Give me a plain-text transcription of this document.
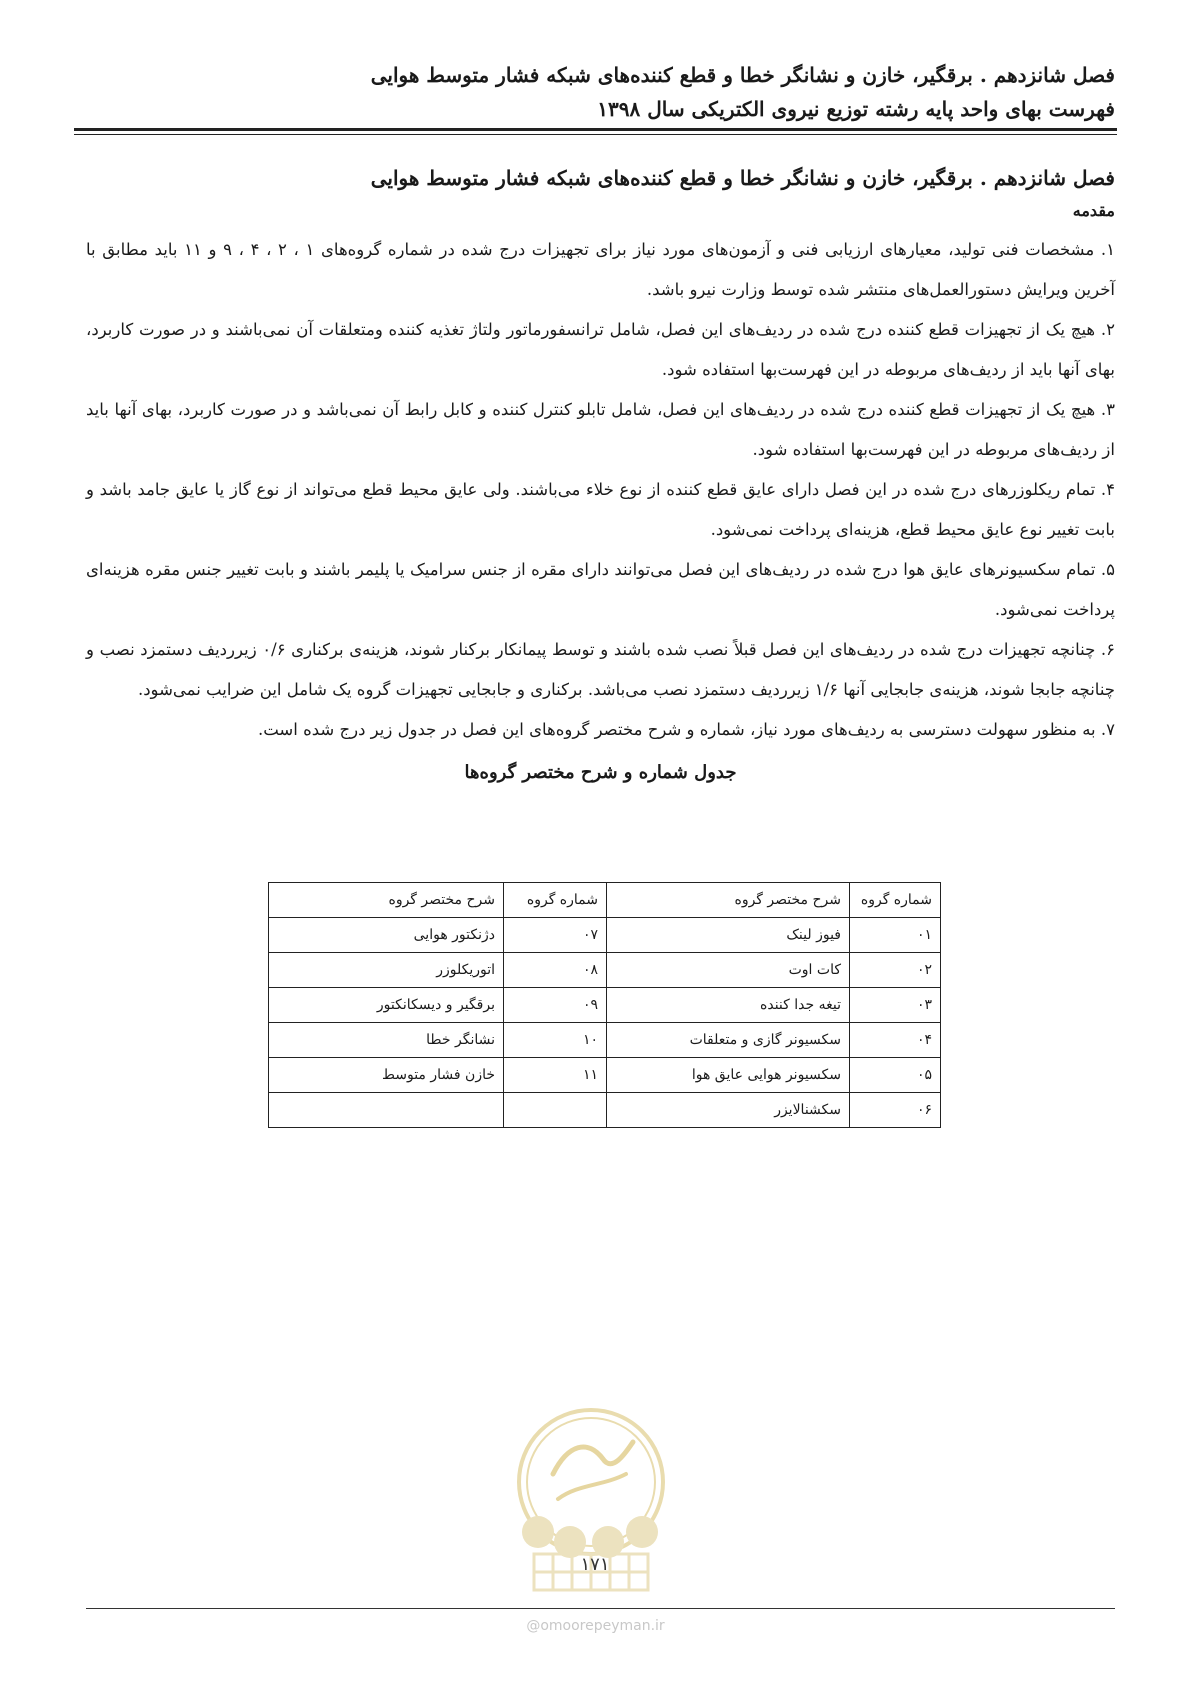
فصل شانزدهم . برقگیر، خازن و نشانگر خطا و قطع کننده‌های شبکه فشار متوسط هوایی
فهرست بهای واحد پایه رشته توزیع نیروی الکتریکی سال ۱۳۹۸
فصل شانزدهم . برقگیر، خازن و نشانگر خطا و قطع کننده‌های شبکه فشار متوسط هوایی
مقدمه
۱. مشخصات فنی تولید، معیارهای ارزیابی فنی و آزمون‌های مورد نیاز برای تجهیزات درج شده در شماره گروه‌های ۱ ، ۲ ، ۴ ، ۹ و ۱۱ باید مطابق با آخرین ویرایش دستورالعمل‌های منتشر شده توسط وزارت نیرو باشد.
۲. هیچ یک از تجهیزات قطع کننده درج شده در ردیف‌های این فصل، شامل ترانسفورماتور ولتاژ تغذیه کننده ومتعلقات آن نمی‌باشند و در صورت کاربرد، بهای آنها باید از ردیف‌های مربوطه در این فهرست‌بها استفاده شود.
۳. هیچ یک از تجهیزات قطع کننده درج شده در ردیف‌های این فصل، شامل تابلو کنترل کننده و کابل رابط آن نمی‌باشد و در صورت کاربرد، بهای آنها باید از ردیف‌های مربوطه در این فهرست‌بها استفاده شود.
۴. تمام ریکلوزرهای درج شده در این فصل دارای عایق قطع کننده از نوع خلاء می‌باشند. ولی عایق محیط قطع می‌تواند از نوع گاز یا عایق جامد باشد و بابت تغییر نوع عایق محیط قطع، هزینه‌ای پرداخت نمی‌شود.
۵. تمام سکسیونرهای عایق هوا درج شده در ردیف‌های این فصل می‌توانند دارای مقره از جنس سرامیک یا پلیمر باشند و بابت تغییر جنس مقره هزینه‌ای پرداخت نمی‌شود.
۶. چنانچه تجهیزات درج شده در ردیف‌های این فصل قبلاً نصب شده باشند و توسط پیمانکار برکنار شوند، هزینه‌ی برکناری ۰/۶ زیرردیف دستمزد نصب و چنانچه جابجا شوند، هزینه‌ی جابجایی آنها ۱/۶ زیرردیف دستمزد نصب می‌باشد. برکناری و جابجایی تجهیزات گروه یک شامل این ضرایب نمی‌شود.
۷. به منظور سهولت دسترسی به ردیف‌های مورد نیاز، شماره و شرح مختصر گروه‌های این فصل در جدول زیر درج شده است.
جدول شماره و شرح مختصر گروه‌ها
شماره گروه	شرح مختصر گروه	شماره گروه	شرح مختصر گروه
۰۱	فیوز لینک	۰۷	دژنکتور هوایی
۰۲	کات اوت	۰۸	اتوریکلوزر
۰۳	تیغه جدا کننده	۰۹	برقگیر و دیسکانکتور
۰۴	سکسیونر گازی و متعلقات	۱۰	نشانگر خطا
۰۵	سکسیونر هوایی عایق هوا	۱۱	خازن فشار متوسط
۰۶	سکشنالایزر		
۱۷۱
@omoorepeyman.ir
